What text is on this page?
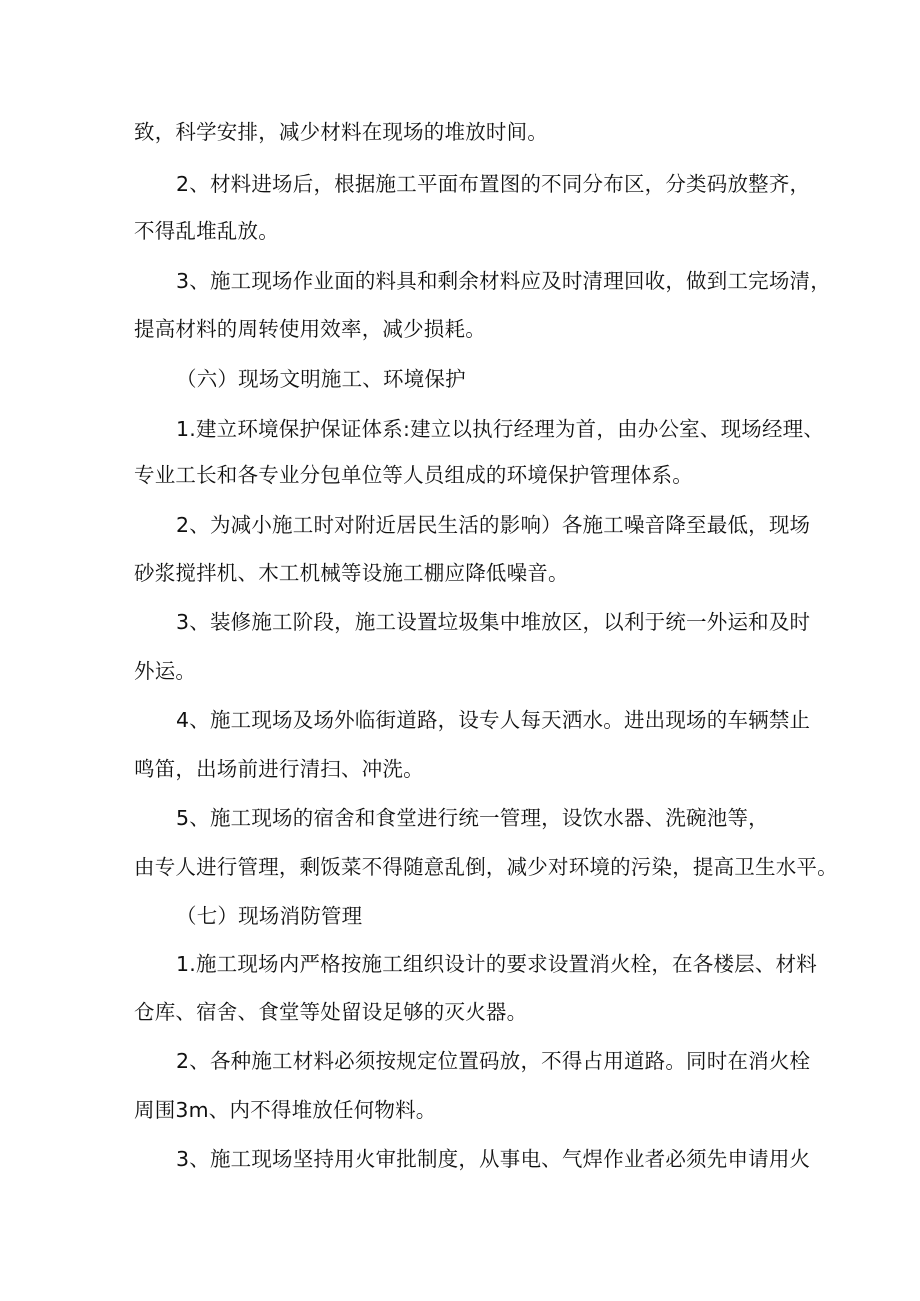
致，科学安排，减少材料在现场的堆放时间。

2、材料进场后，根据施工平面布置图的不同分布区，分类码放整齐，

不得乱堆乱放。

3、施工现场作业面的料具和剩余材料应及时清理回收，做到工完场清，

提高材料的周转使用效率，减少损耗。

（六）现场文明施工、环境保护

1.建立环境保护保证体系:建立以执行经理为首，由办公室、现场经理、

专业工长和各专业分包单位等人员组成的环境保护管理体系。

2、为减小施工时对附近居民生活的影响）各施工噪音降至最低，现场

砂浆搅拌机、木工机械等设施工棚应降低噪音。

3、装修施工阶段，施工设置垃圾集中堆放区，以利于统一外运和及时

外运。

4、施工现场及场外临街道路，设专人每天洒水。进出现场的车辆禁止

鸣笛，出场前进行清扫、冲洗。

5、施工现场的宿舍和食堂进行统一管理，设饮水器、洗碗池等，

由专人进行管理，剩饭菜不得随意乱倒，减少对环境的污染，提高卫生水平。

（七）现场消防管理

1.施工现场内严格按施工组织设计的要求设置消火栓，在各楼层、材料

仓库、宿舍、食堂等处留设足够的灭火器。

2、各种施工材料必须按规定位置码放，不得占用道路。同时在消火栓

周围3m、内不得堆放任何物料。

3、施工现场坚持用火审批制度，从事电、气焊作业者必须先申请用火
